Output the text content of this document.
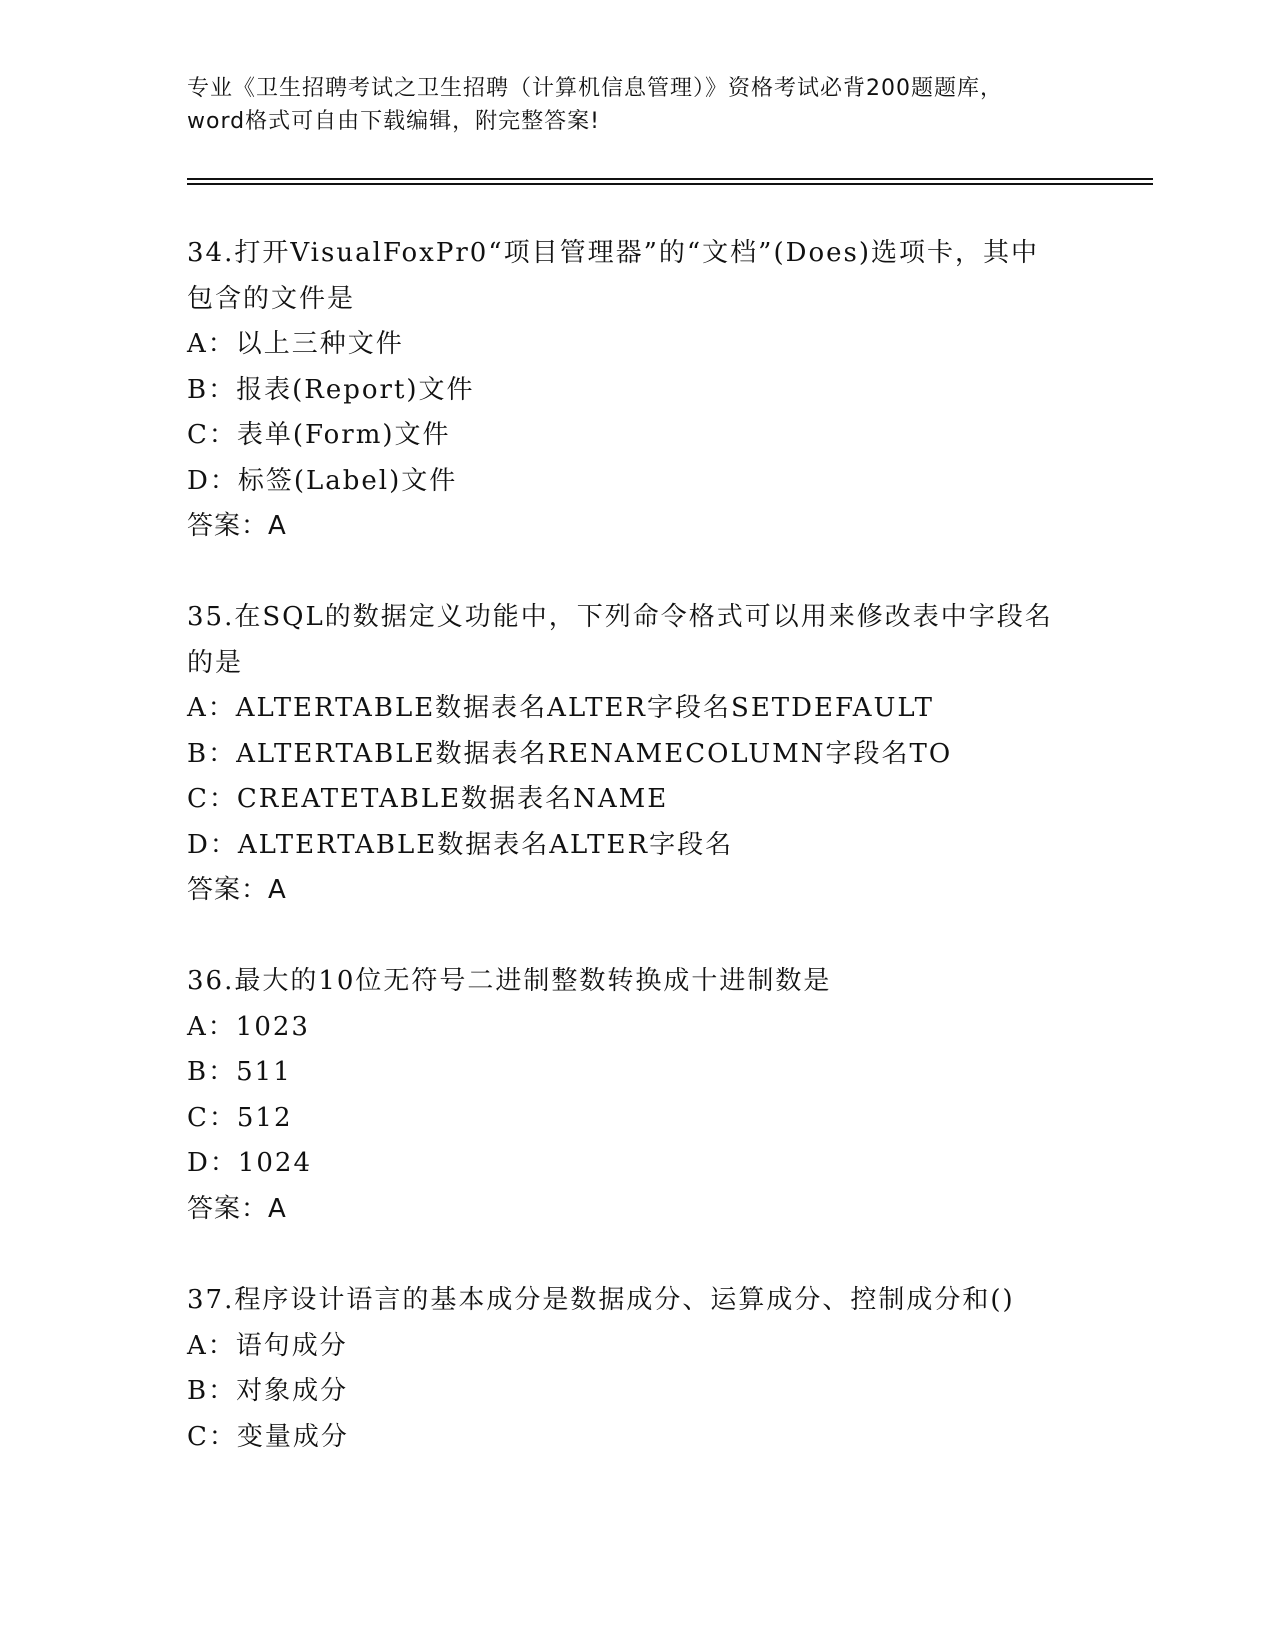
专业《卫生招聘考试之卫生招聘（计算机信息管理）》资格考试必背200题题库，
word格式可自由下载编辑，附完整答案!
34.打开VisualFoxPr0“项目管理器”的“文档”(Does)选项卡，其中
包含的文件是
A：以上三种文件
B：报表(Report)文件
C：表单(Form)文件
D：标签(Label)文件
答案：A
35.在SQL的数据定义功能中，下列命令格式可以用来修改表中字段名
的是
A：ALTERTABLE数据表名ALTER字段名SETDEFAULT
B：ALTERTABLE数据表名RENAMECOLUMN字段名TO
C：CREATETABLE数据表名NAME
D：ALTERTABLE数据表名ALTER字段名
答案：A
36.最大的10位无符号二进制整数转换成十进制数是
A：1023
B：511
C：512
D：1024
答案：A
37.程序设计语言的基本成分是数据成分、运算成分、控制成分和()
A：语句成分
B：对象成分
C：变量成分
